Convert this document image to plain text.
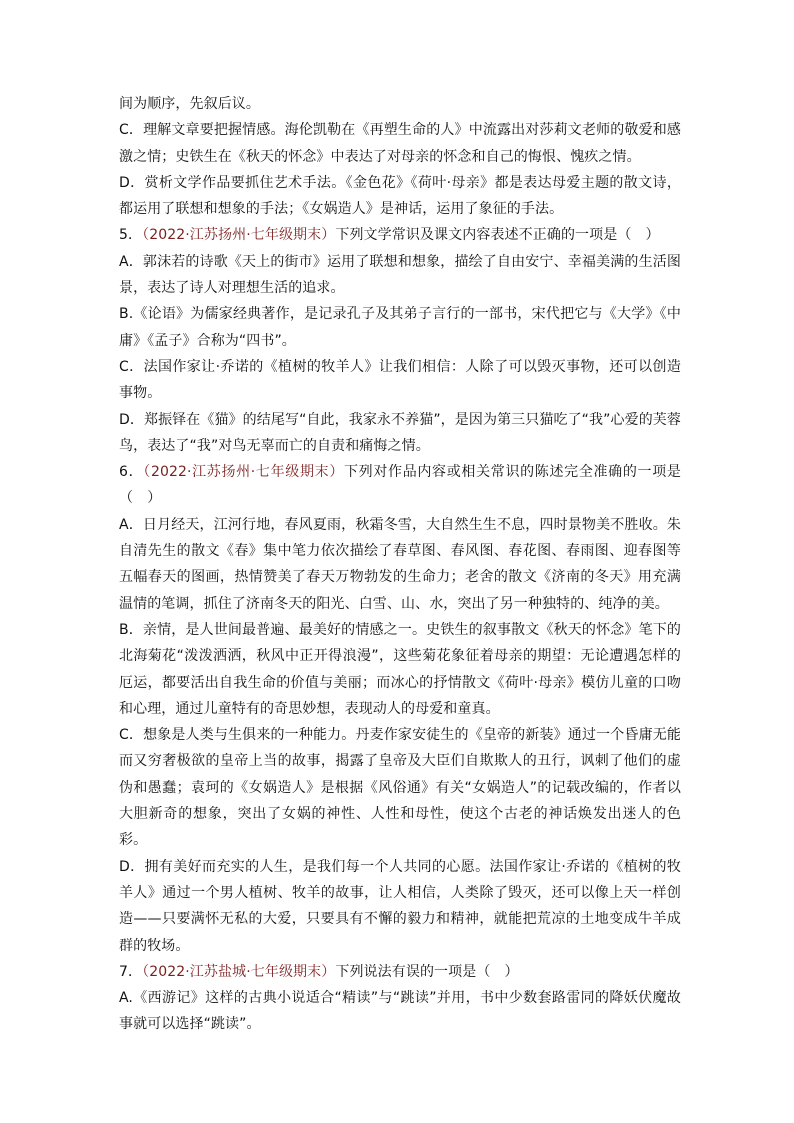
间为顺序，先叙后议。

C．理解文章要把握情感。海伦凯勒在《再塑生命的人》中流露出对莎莉文老师的敬爱和感激之情；史铁生在《秋天的怀念》中表达了对母亲的怀念和自己的悔恨、愧疚之情。

D．赏析文学作品要抓住艺术手法。《金色花》《荷叶·母亲》都是表达母爱主题的散文诗，都运用了联想和想象的手法；《女娲造人》是神话，运用了象征的手法。

5．（2022·江苏扬州·七年级期末）下列文学常识及课文内容表述不正确的一项是（　）

A．郭沫若的诗歌《天上的街市》运用了联想和想象，描绘了自由安宁、幸福美满的生活图景，表达了诗人对理想生活的追求。

B.《论语》为儒家经典著作，是记录孔子及其弟子言行的一部书，宋代把它与《大学》《中庸》《孟子》合称为“四书”。

C．法国作家让·乔诺的《植树的牧羊人》让我们相信：人除了可以毁灭事物，还可以创造事物。

D．郑振铎在《猫》的结尾写“自此，我家永不养猫”，是因为第三只猫吃了“我”心爱的芙蓉鸟，表达了“我”对鸟无辜而亡的自责和痛悔之情。

6．（2022·江苏扬州·七年级期末）下列对作品内容或相关常识的陈述完全准确的一项是（　）

A．日月经天，江河行地，春风夏雨，秋霜冬雪，大自然生生不息，四时景物美不胜收。朱自清先生的散文《春》集中笔力依次描绘了春草图、春风图、春花图、春雨图、迎春图等五幅春天的图画，热情赞美了春天万物勃发的生命力；老舍的散文《济南的冬天》用充满温情的笔调，抓住了济南冬天的阳光、白雪、山、水，突出了另一种独特的、纯净的美。

B．亲情，是人世间最普遍、最美好的情感之一。史铁生的叙事散文《秋天的怀念》笔下的北海菊花“泼泼洒洒，秋风中正开得浪漫”，这些菊花象征着母亲的期望：无论遭遇怎样的厄运，都要活出自我生命的价值与美丽；而冰心的抒情散文《荷叶·母亲》模仿儿童的口吻和心理，通过儿童特有的奇思妙想，表现动人的母爱和童真。

C．想象是人类与生俱来的一种能力。丹麦作家安徒生的《皇帝的新装》通过一个昏庸无能而又穷奢极欲的皇帝上当的故事，揭露了皇帝及大臣们自欺欺人的丑行，讽刺了他们的虚伪和愚蠢；袁珂的《女娲造人》是根据《风俗通》有关“女娲造人”的记载改编的，作者以大胆新奇的想象，突出了女娲的神性、人性和母性，使这个古老的神话焕发出迷人的色彩。

D．拥有美好而充实的人生，是我们每一个人共同的心愿。法国作家让·乔诺的《植树的牧羊人》通过一个男人植树、牧羊的故事，让人相信，人类除了毁灭，还可以像上天一样创造——只要满怀无私的大爱，只要具有不懈的毅力和精神，就能把荒凉的土地变成牛羊成群的牧场。

7．（2022·江苏盐城·七年级期末）下列说法有误的一项是（　）

A.《西游记》这样的古典小说适合“精读”与“跳读”并用，书中少数套路雷同的降妖伏魔故事就可以选择“跳读”。
